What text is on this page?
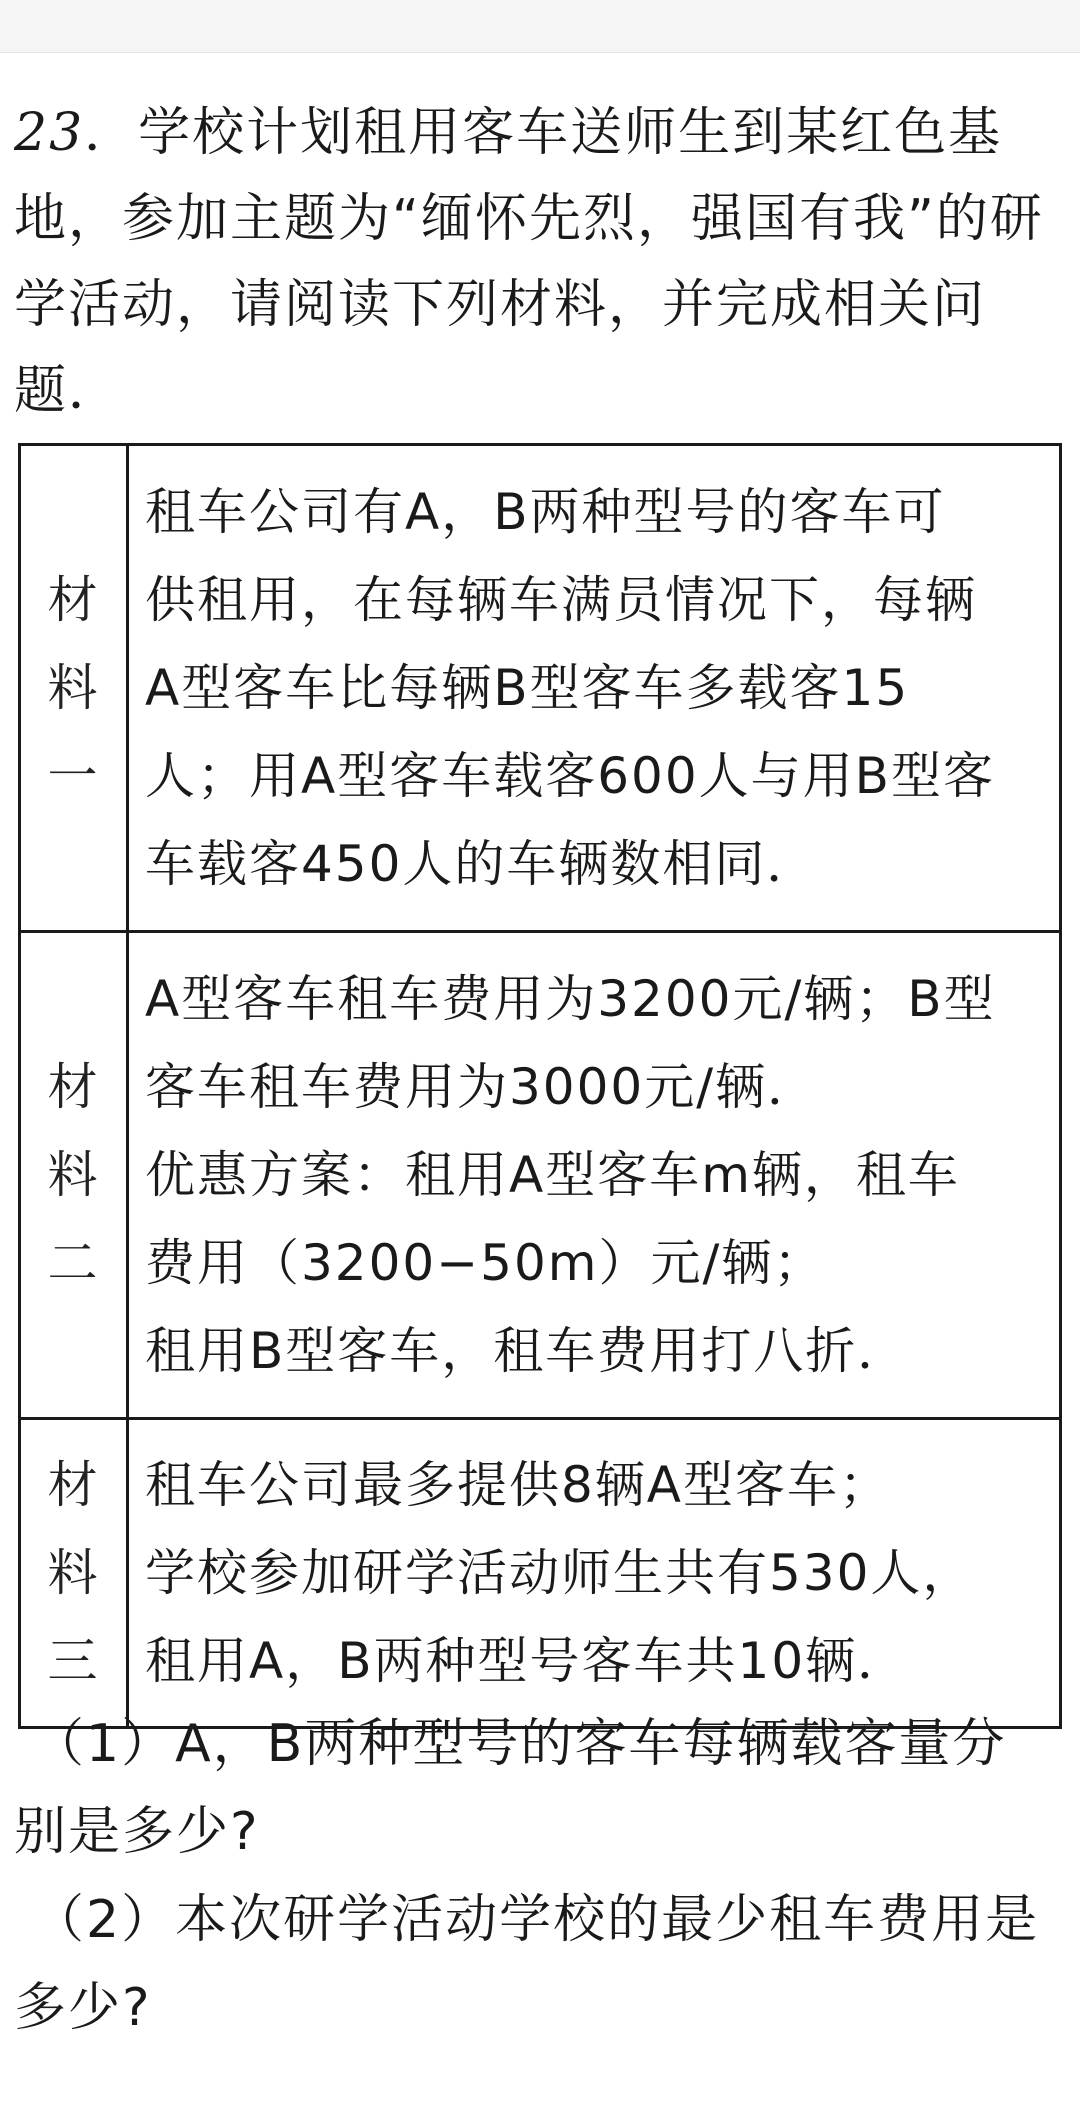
23．学校计划租用客车送师生到某红色基
地，参加主题为“缅怀先烈，强国有我”的研
学活动，请阅读下列材料，并完成相关问
题．
材料一	租车公司有A，B两种型号的客车可
供租用，在每辆车满员情况下，每辆
A型客车比每辆B型客车多载客15
人；用A型客车载客600人与用B型客
车载客450人的车辆数相同．

材料二	A型客车租车费用为3200元/辆；B型
客车租车费用为3000元/辆．
优惠方案：租用A型客车m辆，租车
费用（3200−50m）元/辆；
租用B型客车，租车费用打八折．

材料三	租车公司最多提供8辆A型客车；
学校参加研学活动师生共有530人，
租用A，B两种型号客车共10辆．
（1）A，B两种型号的客车每辆载客量分
别是多少?
（2）本次研学活动学校的最少租车费用是
多少?
